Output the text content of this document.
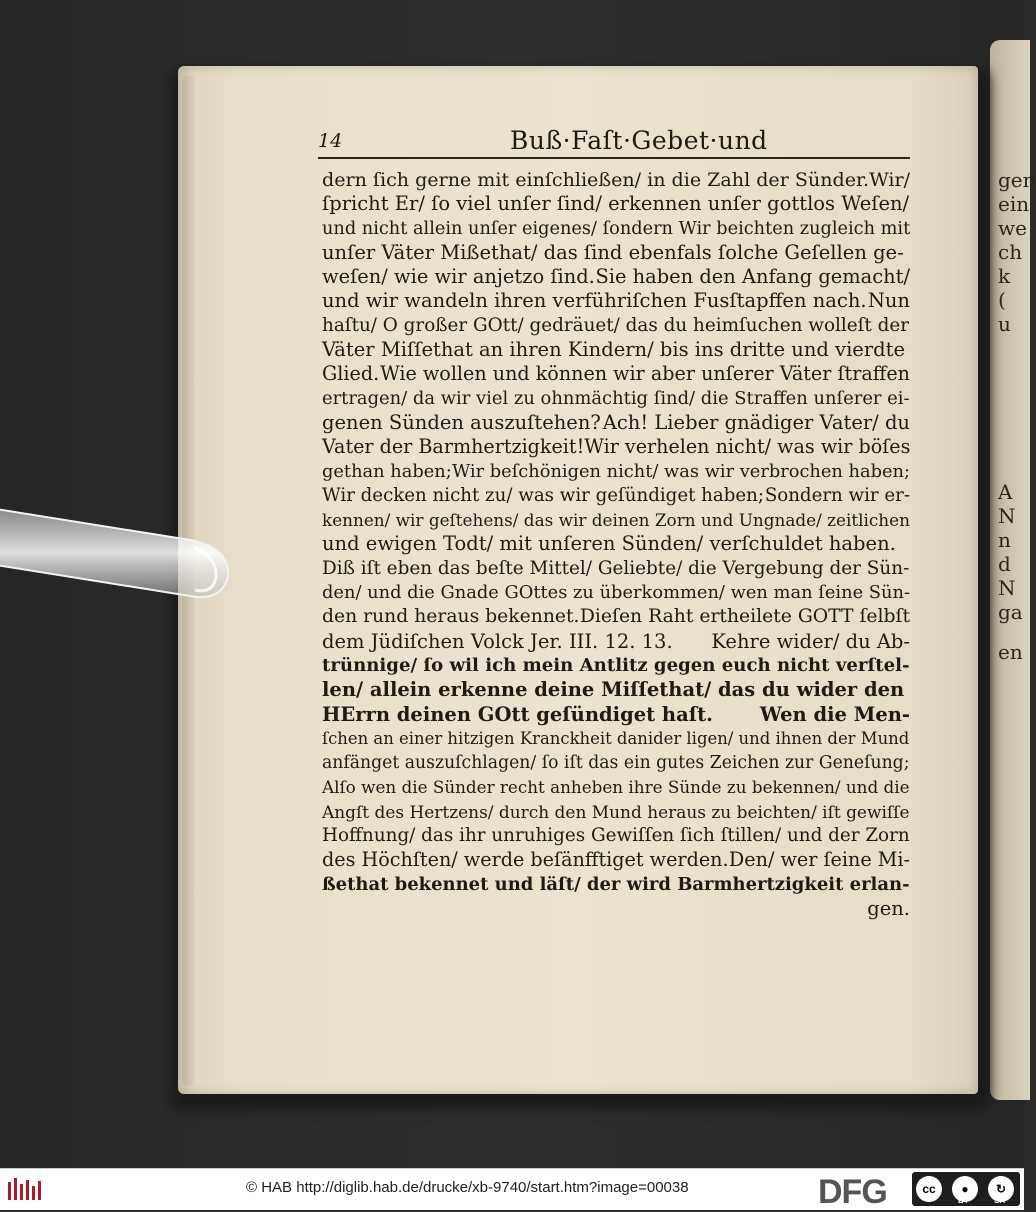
14	Buß·Faſt·Gebet·und
dern ſich gerne mit einſchließen/ in die Zahl der Sünder. Wir/
ſpricht Er/ ſo viel unſer ſind/ erkennen unſer gottlos Weſen/
und nicht allein unſer eigenes/ ſondern Wir beichten zugleich mit
unſer Väter Mißethat/ das ſind ebenfals ſolche Geſellen ge-
weſen/ wie wir anjetzo ſind. Sie haben den Anfang gemacht/
und wir wandeln ihren verführiſchen Fusſtapffen nach. Nun
haſtu/ O großer GOtt/ gedräuet/ das du heimſuchen wolleſt der
Väter Miſſethat an ihren Kindern/ bis ins dritte und vierdte
Glied. Wie wollen und können wir aber unſerer Väter ſtraffen
ertragen/ da wir viel zu ohnmächtig ſind/ die Straffen unſerer ei-
genen Sünden auszuſtehen? Ach! Lieber gnädiger Vater/ du
Vater der Barmhertzigkeit! Wir verhelen nicht/ was wir böſes
gethan haben; Wir beſchönigen nicht/ was wir verbrochen haben;
Wir decken nicht zu/ was wir geſündiget haben; Sondern wir er-
kennen/ wir geſtehens/ das wir deinen Zorn und Ungnade/ zeitlichen
und ewigen Todt/ mit unſeren Sünden/ verſchuldet haben.
Diß iſt eben das beſte Mittel/ Geliebte/ die Vergebung der Sün-
den/ und die Gnade GOttes zu überkommen/ wen man ſeine Sün-
den rund heraus bekennet. Dieſen Raht ertheilete GOTT ſelbſt
dem Jüdiſchen Volck Jer. III. 12. 13. Kehre wider/ du Ab-
trünnige/ ſo wil ich mein Antlitz gegen euch nicht verſtel-
len/ allein erkenne deine Miſſethat/ das du wider den
HErrn deinen GOtt geſündiget haſt. Wen die Men-
ſchen an einer hitzigen Kranckheit danider ligen/ und ihnen der Mund
anfänget auszuſchlagen/ ſo iſt das ein gutes Zeichen zur Geneſung;
Alſo wen die Sünder recht anheben ihre Sünde zu bekennen/ und die
Angſt des Hertzens/ durch den Mund heraus zu beichten/ iſt gewiſſe
Hoffnung/ das ihr unruhiges Gewiſſen ſich ſtillen/ und der Zorn
des Höchſten/ werde beſänfftiget werden. Den/ wer ſeine Mi-
ßethat bekennet und läſt/ der wird Barmhertzigkeit erlan-
gen.
gen
ein
we
ch
k
(
u
A
N
n
d
N
ga
en
© HAB http://diglib.hab.de/drucke/xb-9740/start.htm?image=00038	DFG	cc	●	↻
BY	SA
